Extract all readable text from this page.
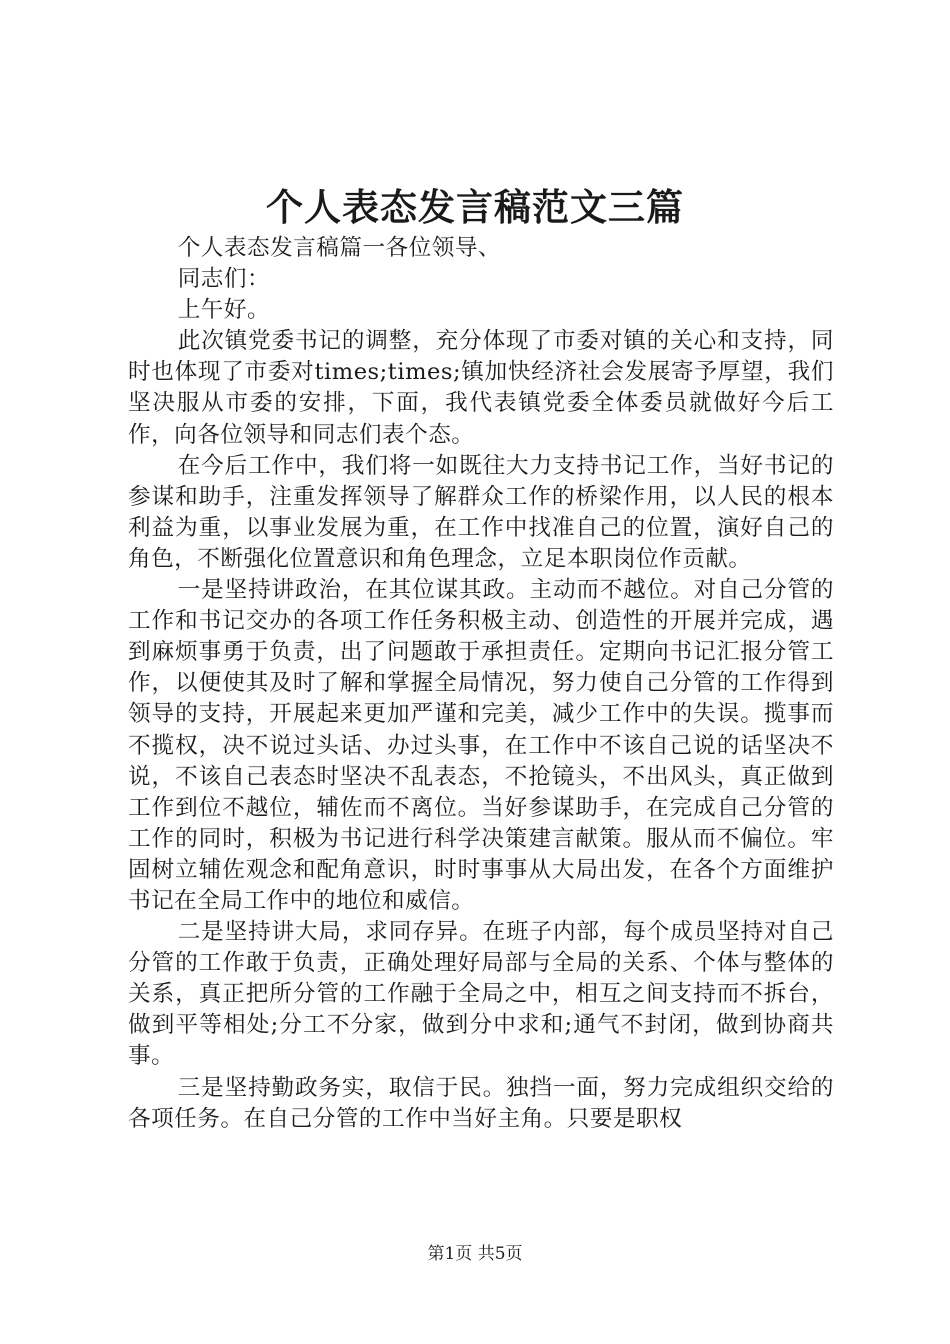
个人表态发言稿范文三篇

个人表态发言稿篇一各位领导、

同志们：

上午好。

此次镇党委书记的调整，充分体现了市委对镇的关心和支持，同时也体现了市委对times;times;镇加快经济社会发展寄予厚望，我们坚决服从市委的安排，下面，我代表镇党委全体委员就做好今后工作，向各位领导和同志们表个态。

在今后工作中，我们将一如既往大力支持书记工作，当好书记的参谋和助手，注重发挥领导了解群众工作的桥梁作用，以人民的根本利益为重，以事业发展为重，在工作中找准自己的位置，演好自己的角色，不断强化位置意识和角色理念，立足本职岗位作贡献。

一是坚持讲政治，在其位谋其政。主动而不越位。对自己分管的工作和书记交办的各项工作任务积极主动、创造性的开展并完成，遇到麻烦事勇于负责，出了问题敢于承担责任。定期向书记汇报分管工作，以便使其及时了解和掌握全局情况，努力使自己分管的工作得到领导的支持，开展起来更加严谨和完美，减少工作中的失误。揽事而不揽权，决不说过头话、办过头事，在工作中不该自己说的话坚决不说，不该自己表态时坚决不乱表态，不抢镜头，不出风头，真正做到工作到位不越位，辅佐而不离位。当好参谋助手，在完成自己分管的工作的同时，积极为书记进行科学决策建言献策。服从而不偏位。牢固树立辅佐观念和配角意识，时时事事从大局出发，在各个方面维护书记在全局工作中的地位和威信。

二是坚持讲大局，求同存异。在班子内部，每个成员坚持对自己分管的工作敢于负责，正确处理好局部与全局的关系、个体与整体的关系，真正把所分管的工作融于全局之中，相互之间支持而不拆台，做到平等相处;分工不分家，做到分中求和;通气不封闭，做到协商共事。

三是坚持勤政务实，取信于民。独挡一面，努力完成组织交给的各项任务。在自己分管的工作中当好主角。只要是职权

第1页 共5页
